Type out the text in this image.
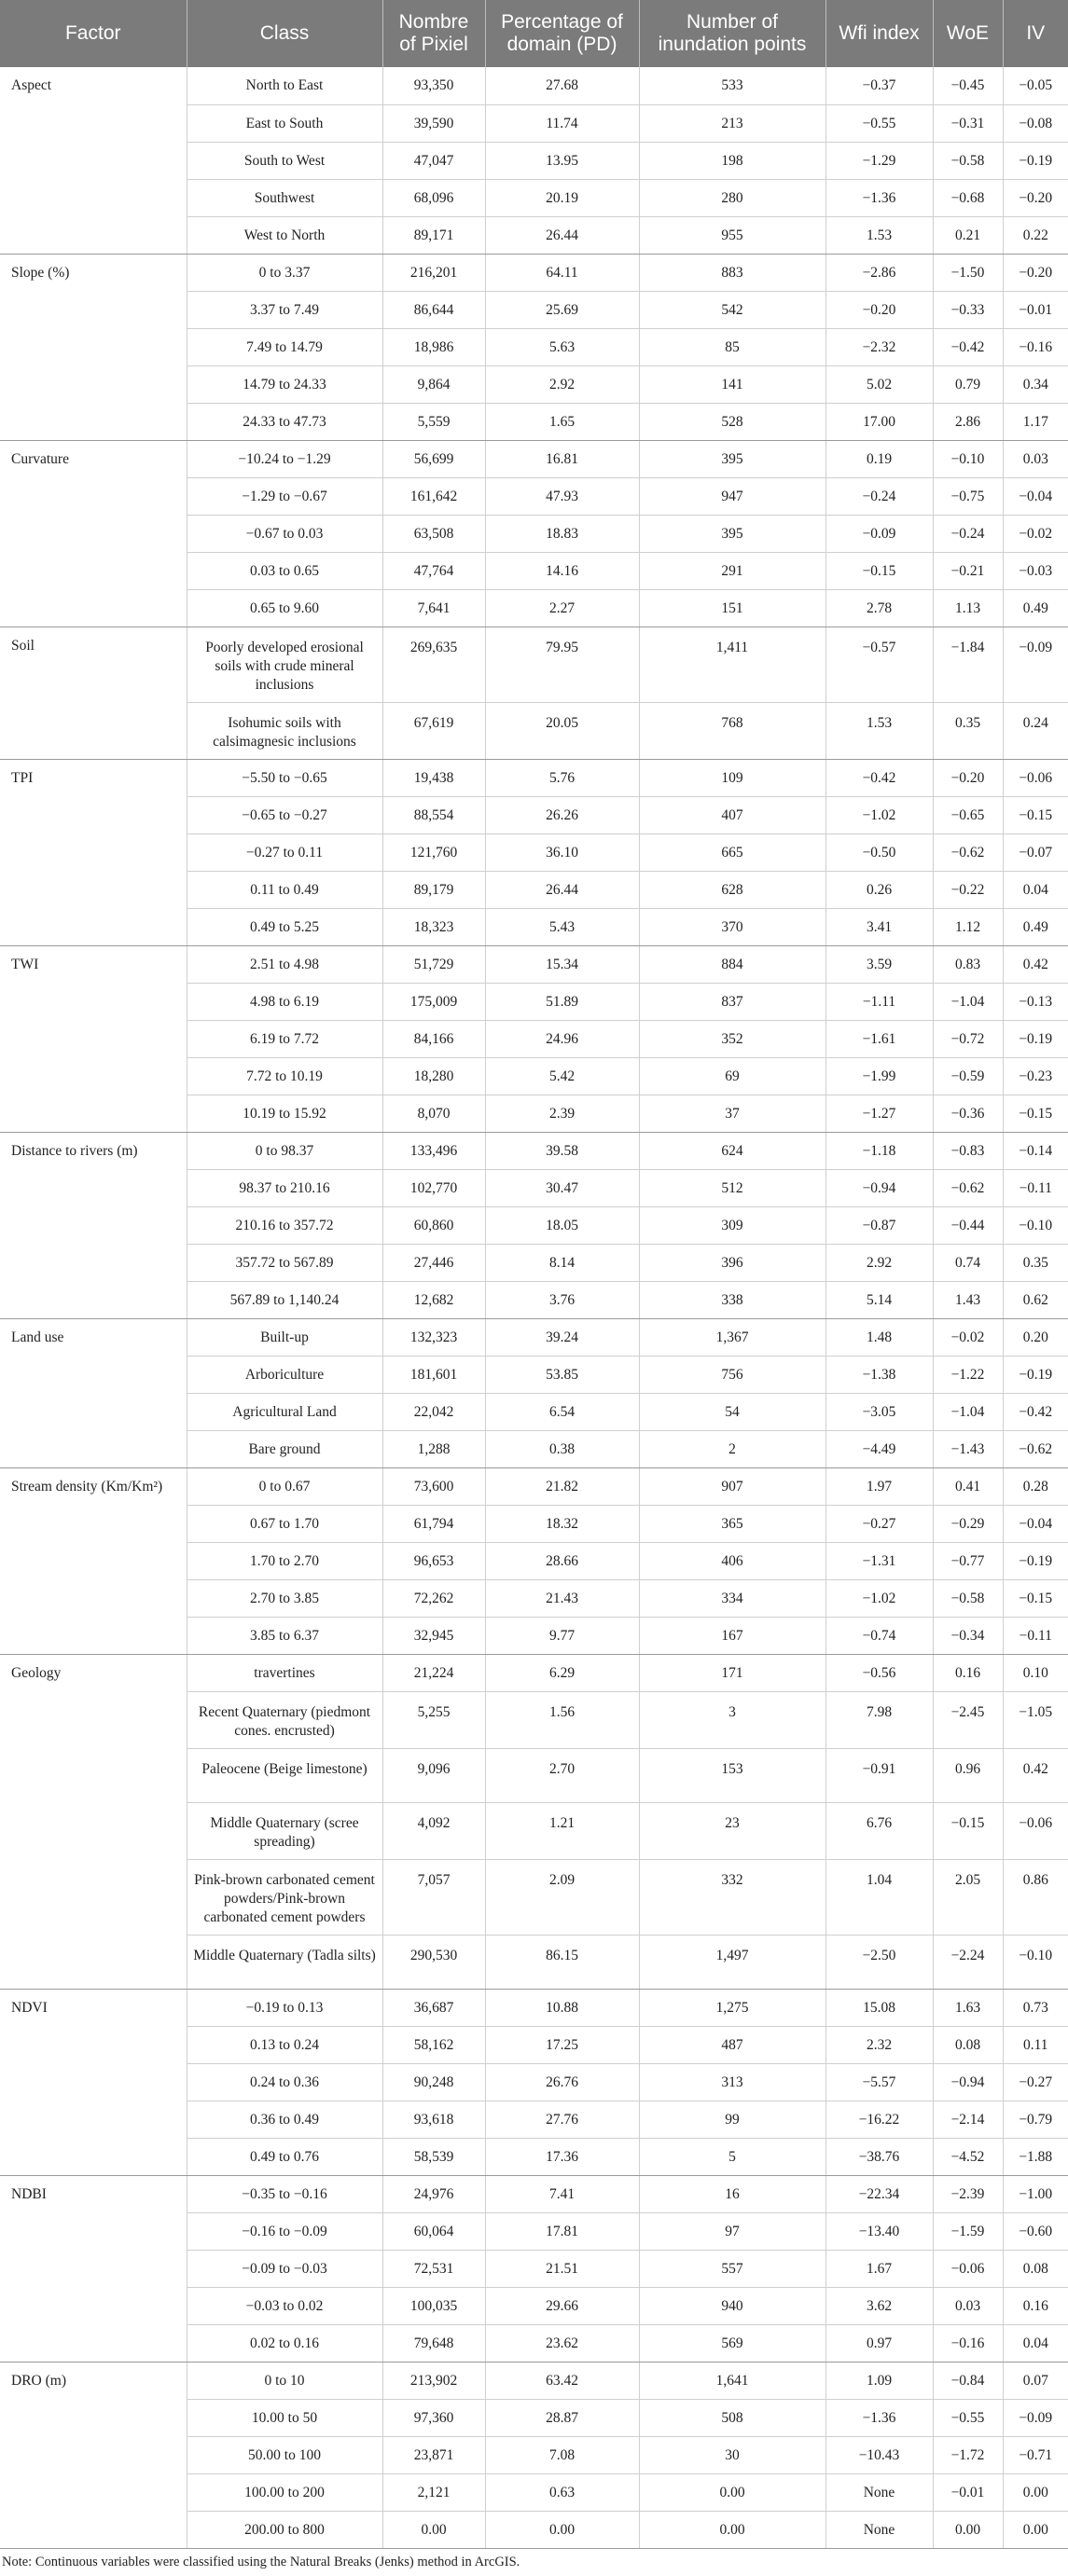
Factor	Class	Nombre of Pixiel	Percentage of domain (PD)	Number of inundation points	Wfi index	WoE	IV
Aspect	North to East	93,350	27.68	533	−0.37	−0.45	−0.05
	East to South	39,590	11.74	213	−0.55	−0.31	−0.08
	South to West	47,047	13.95	198	−1.29	−0.58	−0.19
	Southwest	68,096	20.19	280	−1.36	−0.68	−0.20
	West to North	89,171	26.44	955	1.53	0.21	0.22
Slope (%)	0 to 3.37	216,201	64.11	883	−2.86	−1.50	−0.20
	3.37 to 7.49	86,644	25.69	542	−0.20	−0.33	−0.01
	7.49 to 14.79	18,986	5.63	85	−2.32	−0.42	−0.16
	14.79 to 24.33	9,864	2.92	141	5.02	0.79	0.34
	24.33 to 47.73	5,559	1.65	528	17.00	2.86	1.17
Curvature	−10.24 to −1.29	56,699	16.81	395	0.19	−0.10	0.03
	−1.29 to −0.67	161,642	47.93	947	−0.24	−0.75	−0.04
	−0.67 to 0.03	63,508	18.83	395	−0.09	−0.24	−0.02
	0.03 to 0.65	47,764	14.16	291	−0.15	−0.21	−0.03
	0.65 to 9.60	7,641	2.27	151	2.78	1.13	0.49
Soil	Poorly developed erosional soils with crude mineral inclusions	269,635	79.95	1,411	−0.57	−1.84	−0.09
	Isohumic soils with calsimagnesic inclusions	67,619	20.05	768	1.53	0.35	0.24
TPI	−5.50 to −0.65	19,438	5.76	109	−0.42	−0.20	−0.06
	−0.65 to −0.27	88,554	26.26	407	−1.02	−0.65	−0.15
	−0.27 to 0.11	121,760	36.10	665	−0.50	−0.62	−0.07
	0.11 to 0.49	89,179	26.44	628	0.26	−0.22	0.04
	0.49 to 5.25	18,323	5.43	370	3.41	1.12	0.49
TWI	2.51 to 4.98	51,729	15.34	884	3.59	0.83	0.42
	4.98 to 6.19	175,009	51.89	837	−1.11	−1.04	−0.13
	6.19 to 7.72	84,166	24.96	352	−1.61	−0.72	−0.19
	7.72 to 10.19	18,280	5.42	69	−1.99	−0.59	−0.23
	10.19 to 15.92	8,070	2.39	37	−1.27	−0.36	−0.15
Distance to rivers (m)	0 to 98.37	133,496	39.58	624	−1.18	−0.83	−0.14
	98.37 to 210.16	102,770	30.47	512	−0.94	−0.62	−0.11
	210.16 to 357.72	60,860	18.05	309	−0.87	−0.44	−0.10
	357.72 to 567.89	27,446	8.14	396	2.92	0.74	0.35
	567.89 to 1,140.24	12,682	3.76	338	5.14	1.43	0.62
Land use	Built-up	132,323	39.24	1,367	1.48	−0.02	0.20
	Arboriculture	181,601	53.85	756	−1.38	−1.22	−0.19
	Agricultural Land	22,042	6.54	54	−3.05	−1.04	−0.42
	Bare ground	1,288	0.38	2	−4.49	−1.43	−0.62
Stream density (Km/Km²)	0 to 0.67	73,600	21.82	907	1.97	0.41	0.28
	0.67 to 1.70	61,794	18.32	365	−0.27	−0.29	−0.04
	1.70 to 2.70	96,653	28.66	406	−1.31	−0.77	−0.19
	2.70 to 3.85	72,262	21.43	334	−1.02	−0.58	−0.15
	3.85 to 6.37	32,945	9.77	167	−0.74	−0.34	−0.11
Geology	travertines	21,224	6.29	171	−0.56	0.16	0.10
	Recent Quaternary (piedmont cones. encrusted)	5,255	1.56	3	7.98	−2.45	−1.05
	Paleocene (Beige limestone)	9,096	2.70	153	−0.91	0.96	0.42
	Middle Quaternary (scree spreading)	4,092	1.21	23	6.76	−0.15	−0.06
	Pink-brown carbonated cement powders/Pink-brown carbonated cement powders	7,057	2.09	332	1.04	2.05	0.86
	Middle Quaternary (Tadla silts)	290,530	86.15	1,497	−2.50	−2.24	−0.10
NDVI	−0.19 to 0.13	36,687	10.88	1,275	15.08	1.63	0.73
	0.13 to 0.24	58,162	17.25	487	2.32	0.08	0.11
	0.24 to 0.36	90,248	26.76	313	−5.57	−0.94	−0.27
	0.36 to 0.49	93,618	27.76	99	−16.22	−2.14	−0.79
	0.49 to 0.76	58,539	17.36	5	−38.76	−4.52	−1.88
NDBI	−0.35 to −0.16	24,976	7.41	16	−22.34	−2.39	−1.00
	−0.16 to −0.09	60,064	17.81	97	−13.40	−1.59	−0.60
	−0.09 to −0.03	72,531	21.51	557	1.67	−0.06	0.08
	−0.03 to 0.02	100,035	29.66	940	3.62	0.03	0.16
	0.02 to 0.16	79,648	23.62	569	0.97	−0.16	0.04
DRO (m)	0 to 10	213,902	63.42	1,641	1.09	−0.84	0.07
	10.00 to 50	97,360	28.87	508	−1.36	−0.55	−0.09
	50.00 to 100	23,871	7.08	30	−10.43	−1.72	−0.71
	100.00 to 200	2,121	0.63	0.00	None	−0.01	0.00
	200.00 to 800	0.00	0.00	0.00	None	0.00	0.00
Note: Continuous variables were classified using the Natural Breaks (Jenks) method in ArcGIS.
